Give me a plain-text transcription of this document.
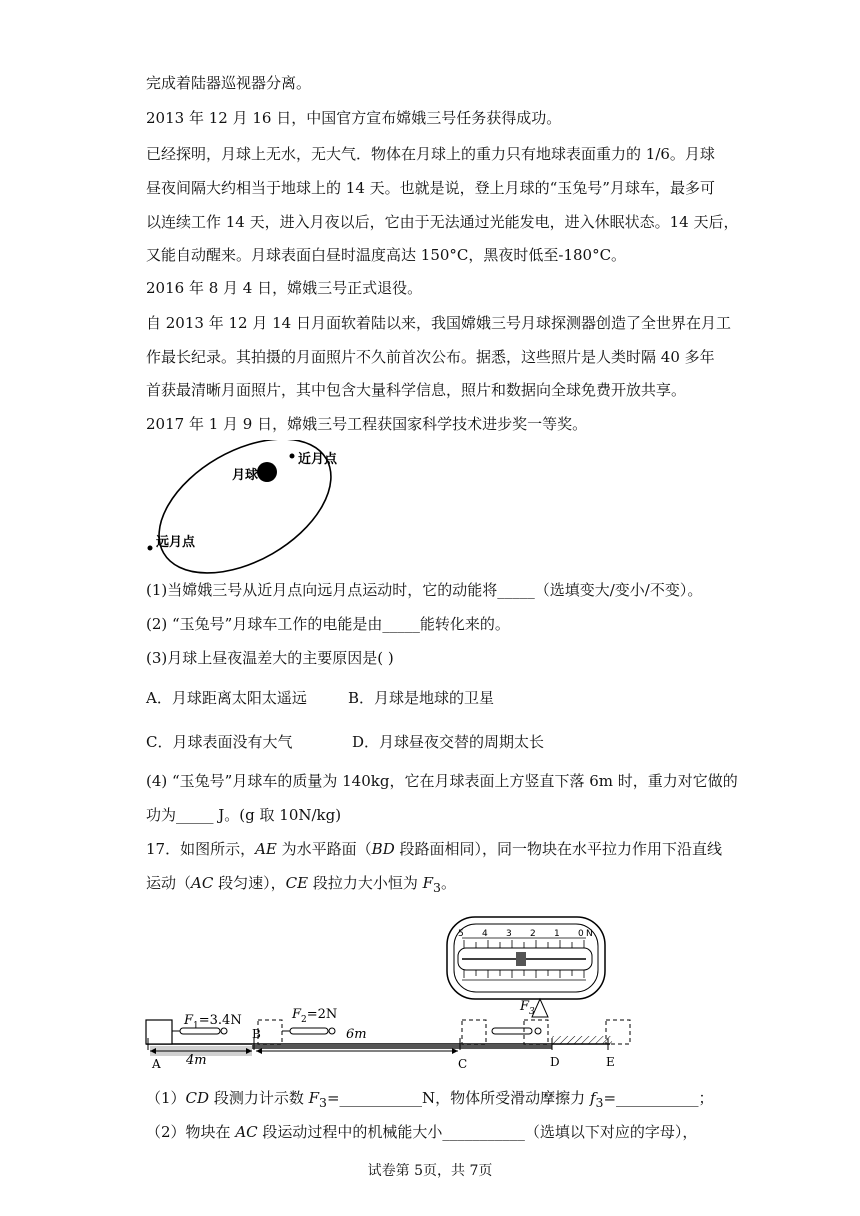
完成着陆器巡视器分离。
2013 年 12 月 16 日，中国官方宣布嫦娥三号任务获得成功。
已经探明，月球上无水，无大气．物体在月球上的重力只有地球表面重力的 1/6。月球
昼夜间隔大约相当于地球上的 14 天。也就是说，登上月球的“玉兔号”月球车，最多可
以连续工作 14 天，进入月夜以后，它由于无法通过光能发电，进入休眠状态。14 天后，
又能自动醒来。月球表面白昼时温度高达 150°C，黑夜时低至-180°C。
2016 年 8 月 4 日，嫦娥三号正式退役。
自 2013 年 12 月 14 日月面软着陆以来，我国嫦娥三号月球探测器创造了全世界在月工
作最长纪录。其拍摄的月面照片不久前首次公布。据悉，这些照片是人类时隔 40 多年
首获最清晰月面照片，其中包含大量科学信息，照片和数据向全球免费开放共享。
2017 年 1 月 9 日，嫦娥三号工程获国家科学技术进步奖一等奖。
月球
近月点
远月点
(1)当嫦娥三号从近月点向远月点运动时，它的动能将_____（选填变大/变小/不变）。
(2) “玉兔号”月球车工作的电能是由_____能转化来的。
(3)月球上昼夜温差大的主要原因是( )
A．月球距离太阳太遥远	B．月球是地球的卫星
C．月球表面没有大气	D．月球昼夜交替的周期太长
(4) “玉兔号”月球车的质量为 140kg，它在月球表面上方竖直下落 6m 时，重力对它做的
功为_____ J。(g 取 10N/kg)
17．如图所示，AE 为水平路面（BD 段路面相同），同一物块在水平拉力作用下沿直线
运动（AC 段匀速），CE 段拉力大小恒为 $F_3$。
5 4 3 2 1 0 N
$F_3$
$F_1=3.4N$	$F_2=2N$
4m
6m
A
B
C	D	E
（1）CD 段测力计示数 $F_3=\_\_\_\_\_\_\_\_\_\_\_N$，物体所受滑动摩擦力 $f_3=\_\_\_\_\_\_\_\_\_\_\_$；
（2）物块在 AC 段运动过程中的机械能大小___________（选填以下对应的字母），
试卷第 5页，共 7页
